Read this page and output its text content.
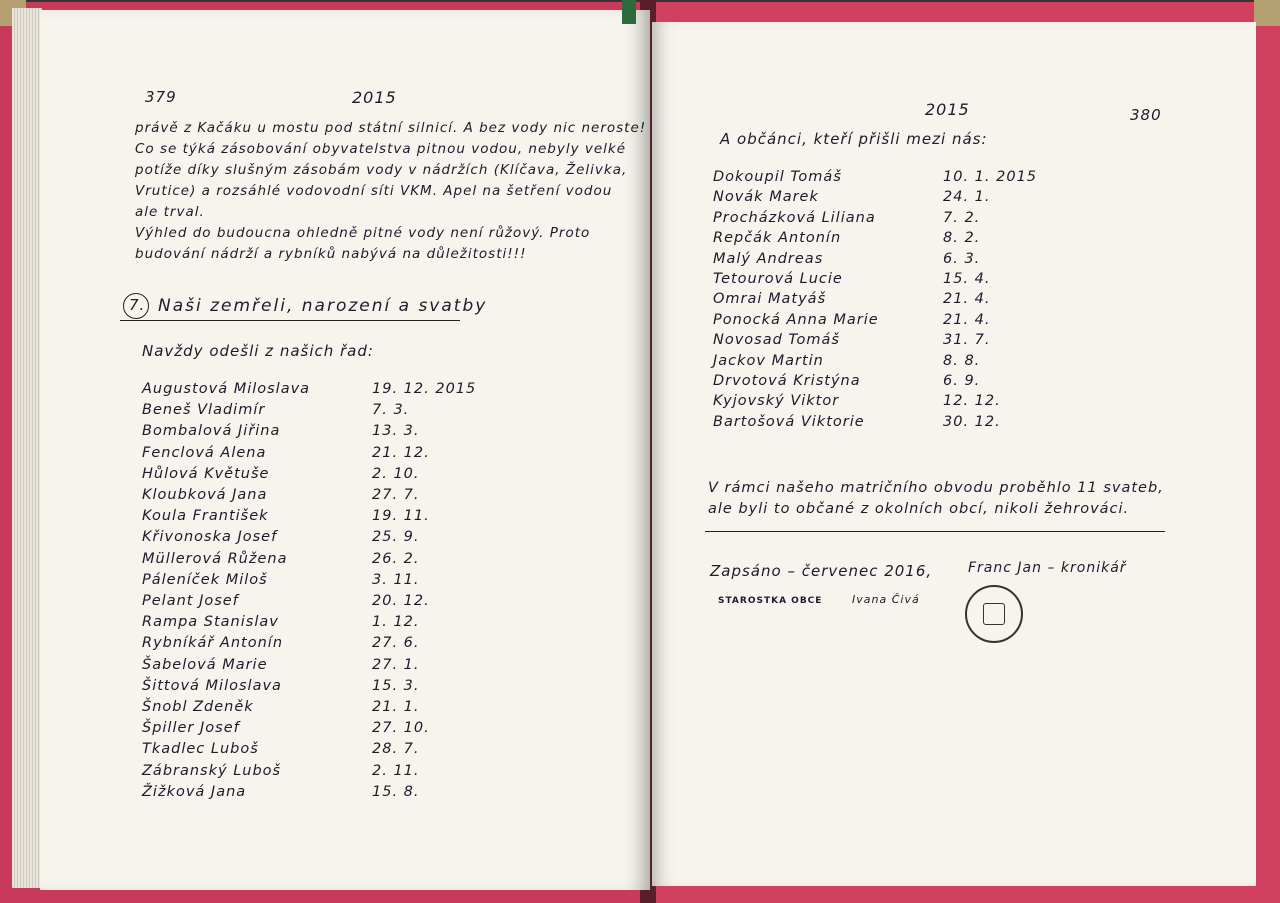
379	2015
právě z Kačáku u mostu pod státní silnicí. A bez vody nic neroste!
Co se týká zásobování obyvatelstva pitnou vodou, nebyly velké
potíže díky slušným zásobám vody v nádržích (Klíčava, Želivka,
Vrutice) a rozsáhlé vodovodní síti VKM. Apel na šetření vodou
ale trval.
Výhled do budoucna ohledně pitné vody není růžový. Proto
budování nádrží a rybníků nabývá na důležitosti!!!
7. Naši zemřeli, narození a svatby
Navždy odešli z našich řad:
Augustová Miloslava	19. 12. 2015
Beneš Vladimír	7. 3.
Bombalová Jiřina	13. 3.
Fenclová Alena	21. 12.
Hůlová Květuše	2. 10.
Kloubková Jana	27. 7.
Koula František	19. 11.
Křivonoska Josef	25. 9.
Müllerová Růžena	26. 2.
Páleníček Miloš	3. 11.
Pelant Josef	20. 12.
Rampa Stanislav	1. 12.
Rybníkář Antonín	27. 6.
Šabelová Marie	27. 1.
Šittová Miloslava	15. 3.
Šnobl Zdeněk	21. 1.
Špiller Josef	27. 10.
Tkadlec Luboš	28. 7.
Zábranský Luboš	2. 11.
Žižková Jana	15. 8.
2015	380
A občánci, kteří přišli mezi nás:
Dokoupil Tomáš	10. 1. 2015
Novák Marek	24. 1.
Procházková Liliana	7. 2.
Repčák Antonín	8. 2.
Malý Andreas	6. 3.
Tetourová Lucie	15. 4.
Omrai Matyáš	21. 4.
Ponocká Anna Marie	21. 4.
Novosad Tomáš	31. 7.
Jackov Martin	8. 8.
Drvotová Kristýna	6. 9.
Kyjovský Viktor	12. 12.
Bartošová Viktorie	30. 12.
V rámci našeho matričního obvodu proběhlo 11 svateb,
ale byli to občané z okolních obcí, nikoli žehrováci.
Zapsáno – červenec 2016,	Franc Jan – kronikář
STAROSTKA OBCE	Ivana Čivá
